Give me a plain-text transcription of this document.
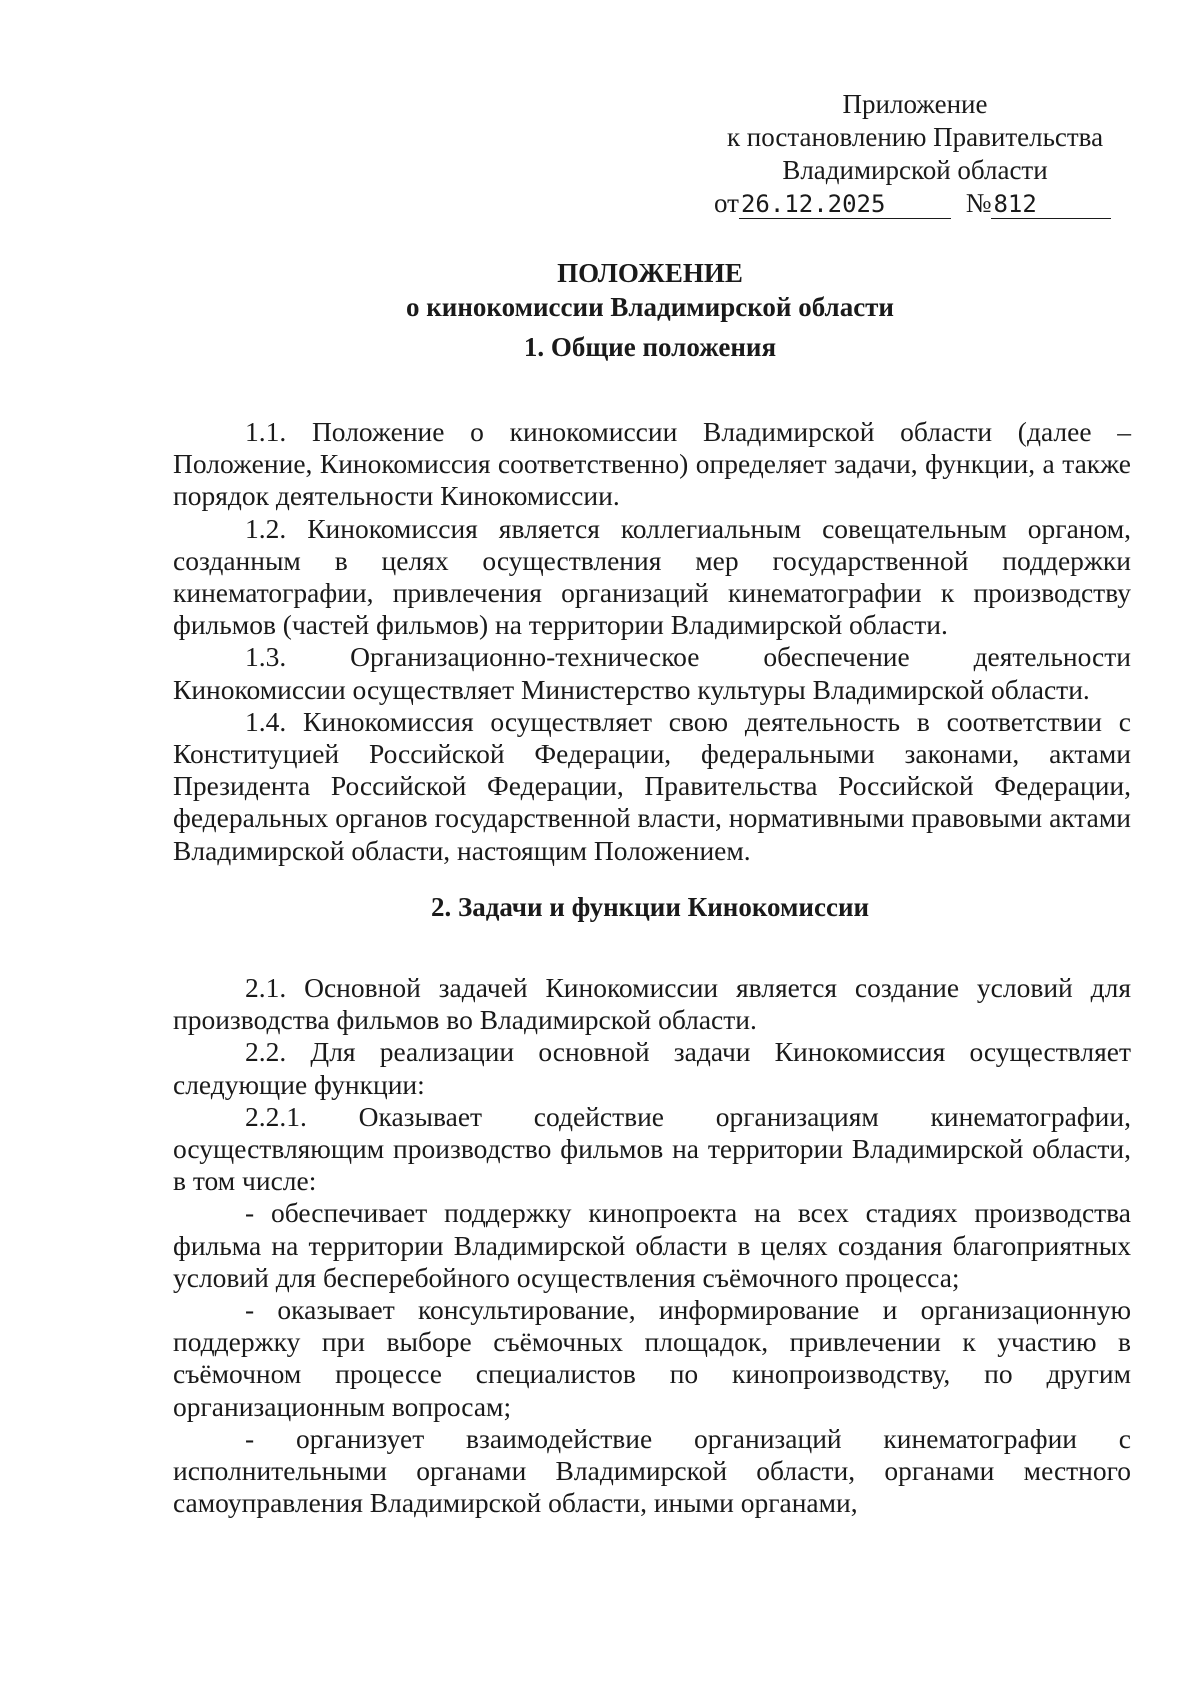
Приложение
к постановлению Правительства
Владимирской области
от26.12.2025	№812
ПОЛОЖЕНИЕ
о кинокомиссии Владимирской области
1. Общие положения

1.1. Положение о кинокомиссии Владимирской области (далее – Положение, Кинокомиссия соответственно) определяет задачи, функции, а также порядок деятельности Кинокомиссии.

1.2. Кинокомиссия является коллегиальным совещательным органом, созданным в целях осуществления мер государственной поддержки кинематографии, привлечения организаций кинематографии к производству фильмов (частей фильмов) на территории Владимирской области.

1.3. Организационно-техническое обеспечение деятельности Кинокомиссии осуществляет Министерство культуры Владимирской области.

1.4. Кинокомиссия осуществляет свою деятельность в соответствии с Конституцией Российской Федерации, федеральными законами, актами Президента Российской Федерации, Правительства Российской Федерации, федеральных органов государственной власти, нормативными правовыми актами Владимирской области, настоящим Положением.

2. Задачи и функции Кинокомиссии

2.1. Основной задачей Кинокомиссии является создание условий для производства фильмов во Владимирской области.

2.2. Для реализации основной задачи Кинокомиссия осуществляет следующие функции:

2.2.1. Оказывает содействие организациям кинематографии, осуществляющим производство фильмов на территории Владимирской области, в том числе:

- обеспечивает поддержку кинопроекта на всех стадиях производства фильма на территории Владимирской области в целях создания благоприятных условий для бесперебойного осуществления съёмочного процесса;

- оказывает консультирование, информирование и организационную поддержку при выборе съёмочных площадок, привлечении к участию в съёмочном процессе специалистов по кинопроизводству, по другим организационным вопросам;

- организует взаимодействие организаций кинематографии с исполнительными органами Владимирской области, органами местного самоуправления Владимирской области, иными органами,
